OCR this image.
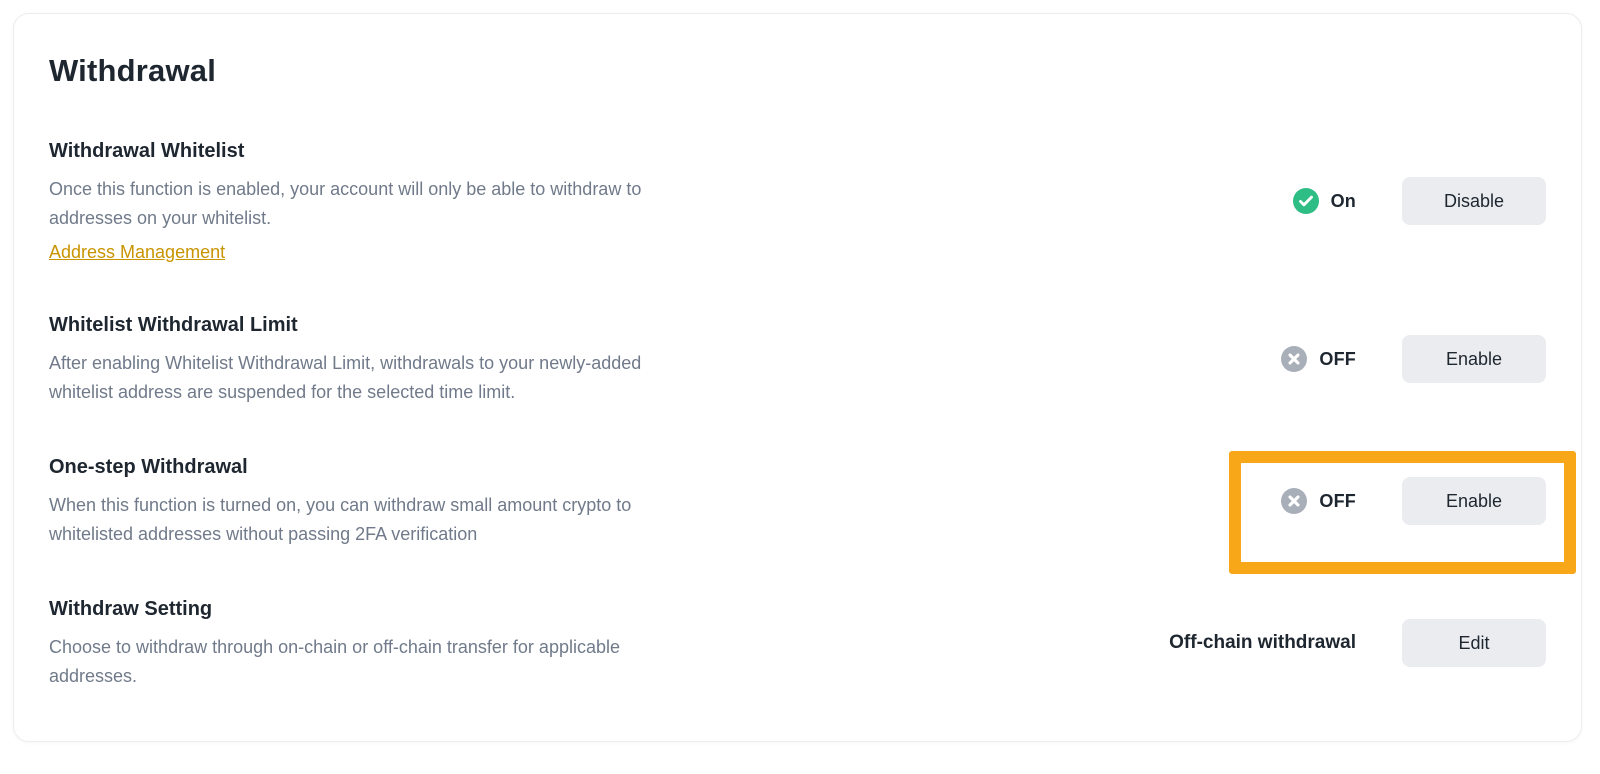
Withdrawal
Withdrawal Whitelist

Once this function is enabled, your account will only be able to withdraw to
addresses on your whitelist.

Address Management
On	Disable
Whitelist Withdrawal Limit

After enabling Whitelist Withdrawal Limit, withdrawals to your newly-added
whitelist address are suspended for the selected time limit.

OFF	Enable
One-step Withdrawal

When this function is turned on, you can withdraw small amount crypto to
whitelisted addresses without passing 2FA verification

OFF	Enable
Withdraw Setting

Choose to withdraw through on-chain or off-chain transfer for applicable
addresses.

Off-chain withdrawal	Edit
